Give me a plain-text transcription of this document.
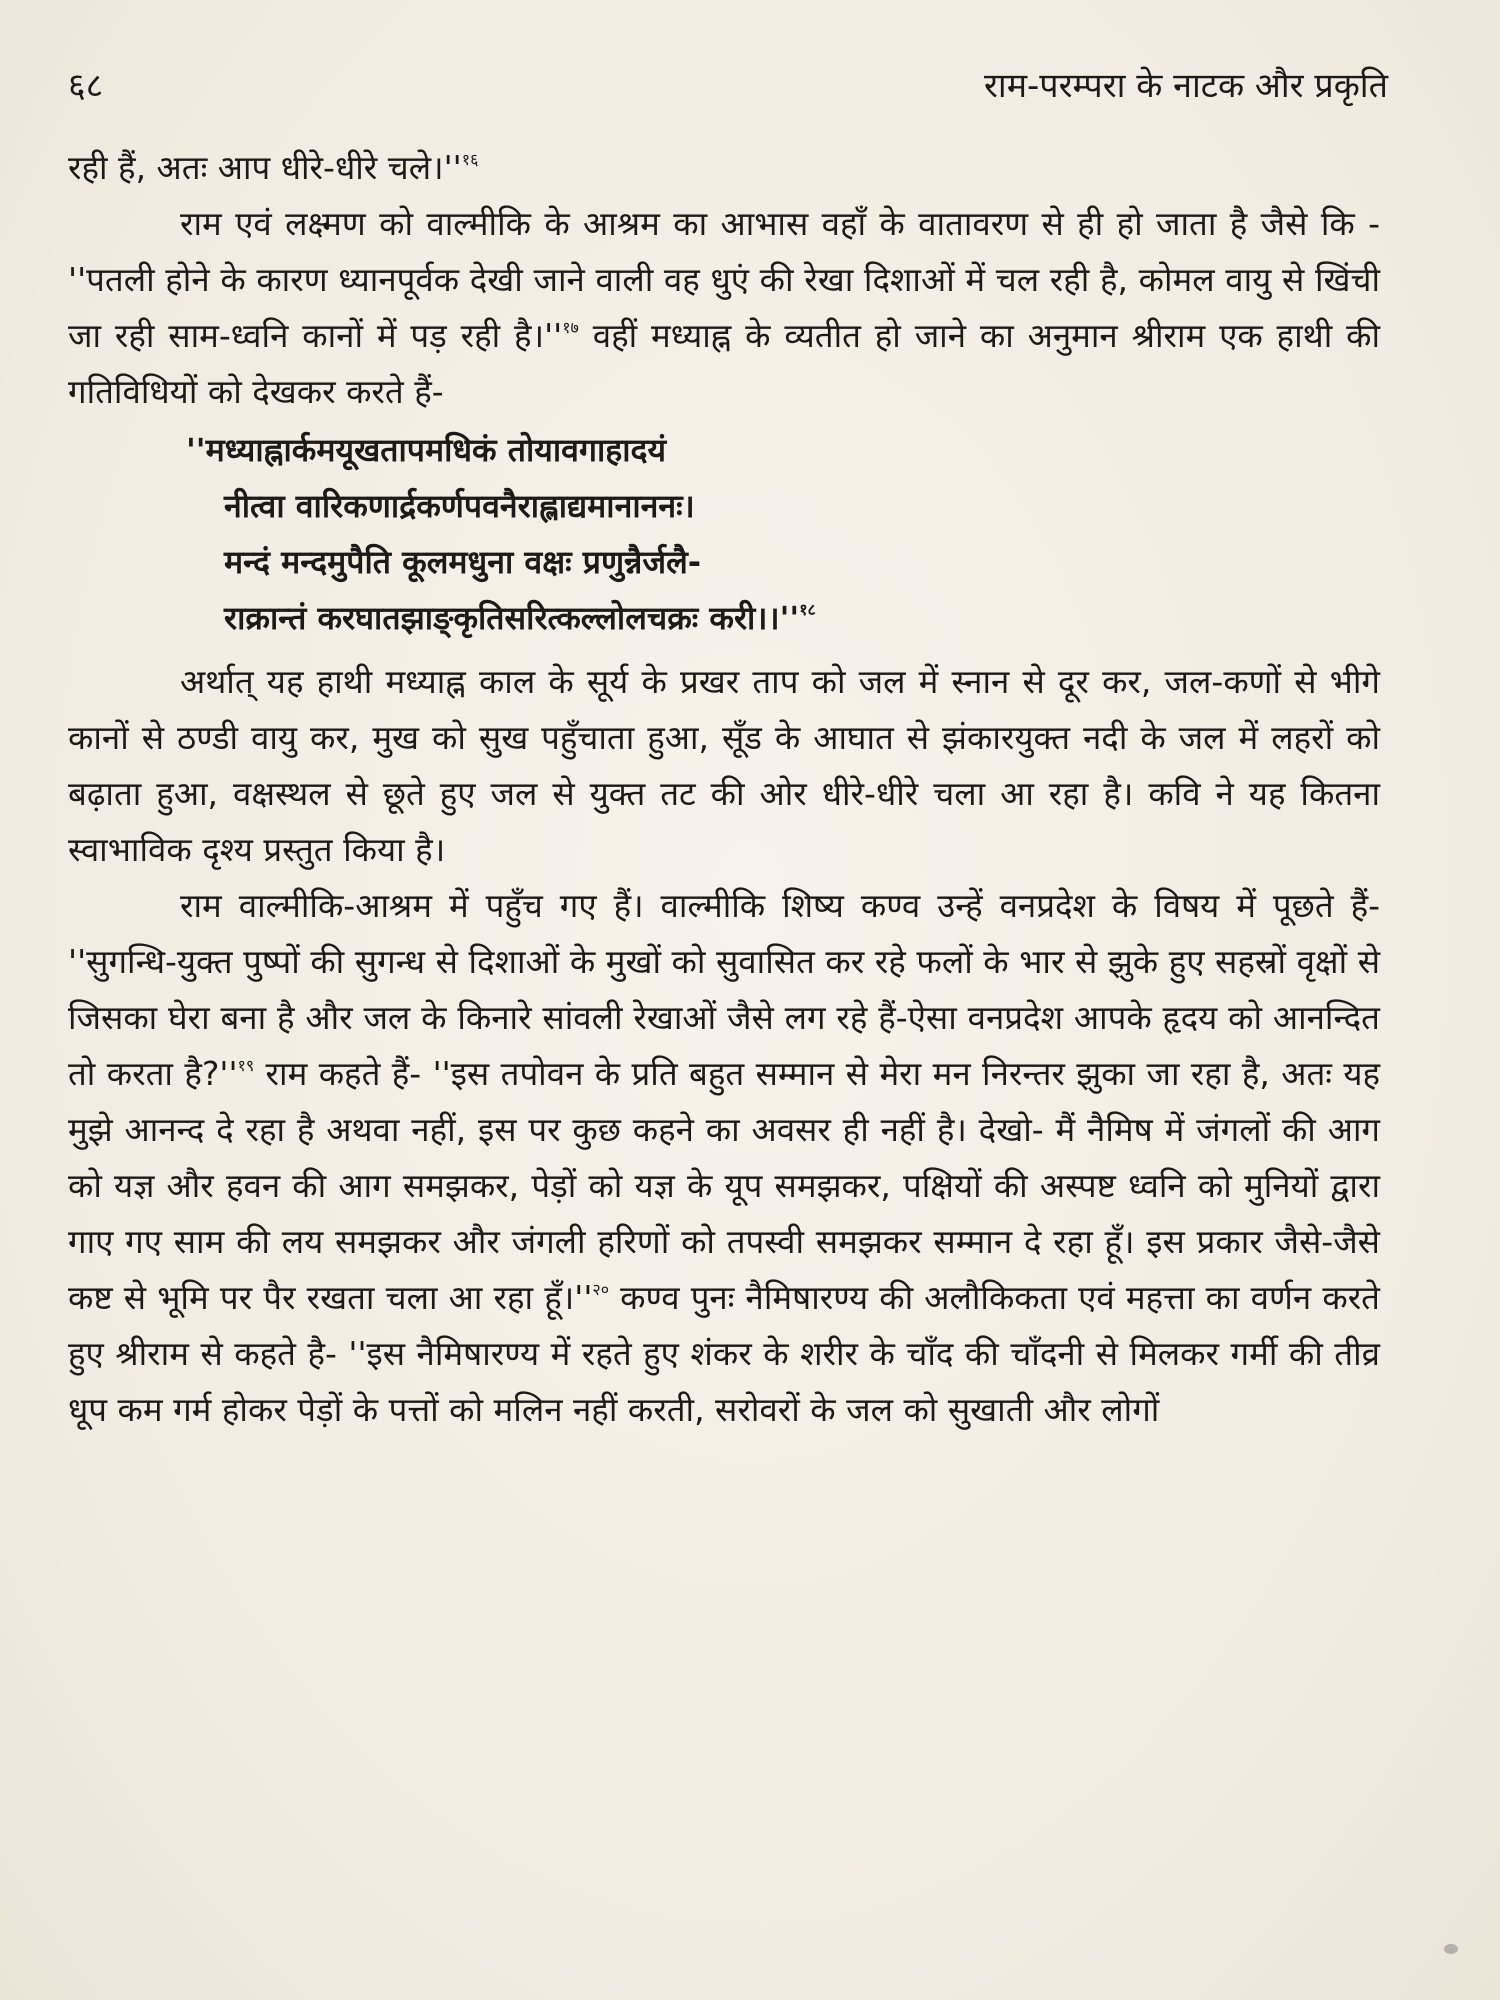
६८	राम-परम्परा के नाटक और प्रकृति

रही हैं, अतः आप धीरे-धीरे $चले।''^{१६}$

राम एवं लक्ष्मण को वाल्मीकि के आश्रम का आभास वहाँ के वातावरण से ही हो जाता है जैसे कि - ''पतली होने के कारण ध्यानपूर्वक देखी जाने वाली वह धुएं की रेखा दिशाओं में चल रही है, कोमल वायु से खिंची जा रही साम-ध्वनि कानों में पड़ रही $है।''^{१७}$ वहीं मध्याह्न के व्यतीत हो जाने का अनुमान श्रीराम एक हाथी की गतिविधियों को देखकर करते हैं-

''मध्याह्नार्कमयूखतापमधिकं तोयावगाहादयं
नीत्वा वारिकणार्द्रकर्णपवनैराह्लाद्यमानाननः।
मन्दं मन्दमुपैति कूलमधुना वक्षः प्रणुन्नैर्जलै-
राक्रान्तं करघातझाङ्कृतिसरित्कल्लोलचक्रः $करी।।''^{१८}$

अर्थात् यह हाथी मध्याह्न काल के सूर्य के प्रखर ताप को जल में स्नान से दूर कर, जल-कणों से भीगे कानों से ठण्डी वायु कर, मुख को सुख पहुँचाता हुआ, सूँड के आघात से झंकारयुक्त नदी के जल में लहरों को बढ़ाता हुआ, वक्षस्थल से छूते हुए जल से युक्त तट की ओर धीरे-धीरे चला आ रहा है। कवि ने यह कितना स्वाभाविक दृश्य प्रस्तुत किया है।

राम वाल्मीकि-आश्रम में पहुँच गए हैं। वाल्मीकि शिष्य कण्व उन्हें वनप्रदेश के विषय में पूछते हैं- ''सुगन्धि-युक्त पुष्पों की सुगन्ध से दिशाओं के मुखों को सुवासित कर रहे फलों के भार से झुके हुए सहस्रों वृक्षों से जिसका घेरा बना है और जल के किनारे सांवली रेखाओं जैसे लग रहे हैं-ऐसा वनप्रदेश आपके हृदय को आनन्दित तो करता $है?''^{१९}$ राम कहते हैं- ''इस तपोवन के प्रति बहुत सम्मान से मेरा मन निरन्तर झुका जा रहा है, अतः यह मुझे आनन्द दे रहा है अथवा नहीं, इस पर कुछ कहने का अवसर ही नहीं है। देखो- मैं नैमिष में जंगलों की आग को यज्ञ और हवन की आग समझकर, पेड़ों को यज्ञ के यूप समझकर, पक्षियों की अस्पष्ट ध्वनि को मुनियों द्वारा गाए गए साम की लय समझकर और जंगली हरिणों को तपस्वी समझकर सम्मान दे रहा हूँ। इस प्रकार जैसे-जैसे कष्ट से भूमि पर पैर रखता चला आ रहा $हूँ।''^{२०}$ कण्व पुनः नैमिषारण्य की अलौकिकता एवं महत्ता का वर्णन करते हुए श्रीराम से कहते है- ''इस नैमिषारण्य में रहते हुए शंकर के शरीर के चाँद की चाँदनी से मिलकर गर्मी की तीव्र धूप कम गर्म होकर पेड़ों के पत्तों को मलिन नहीं करती, सरोवरों के जल को सुखाती और लोगों
